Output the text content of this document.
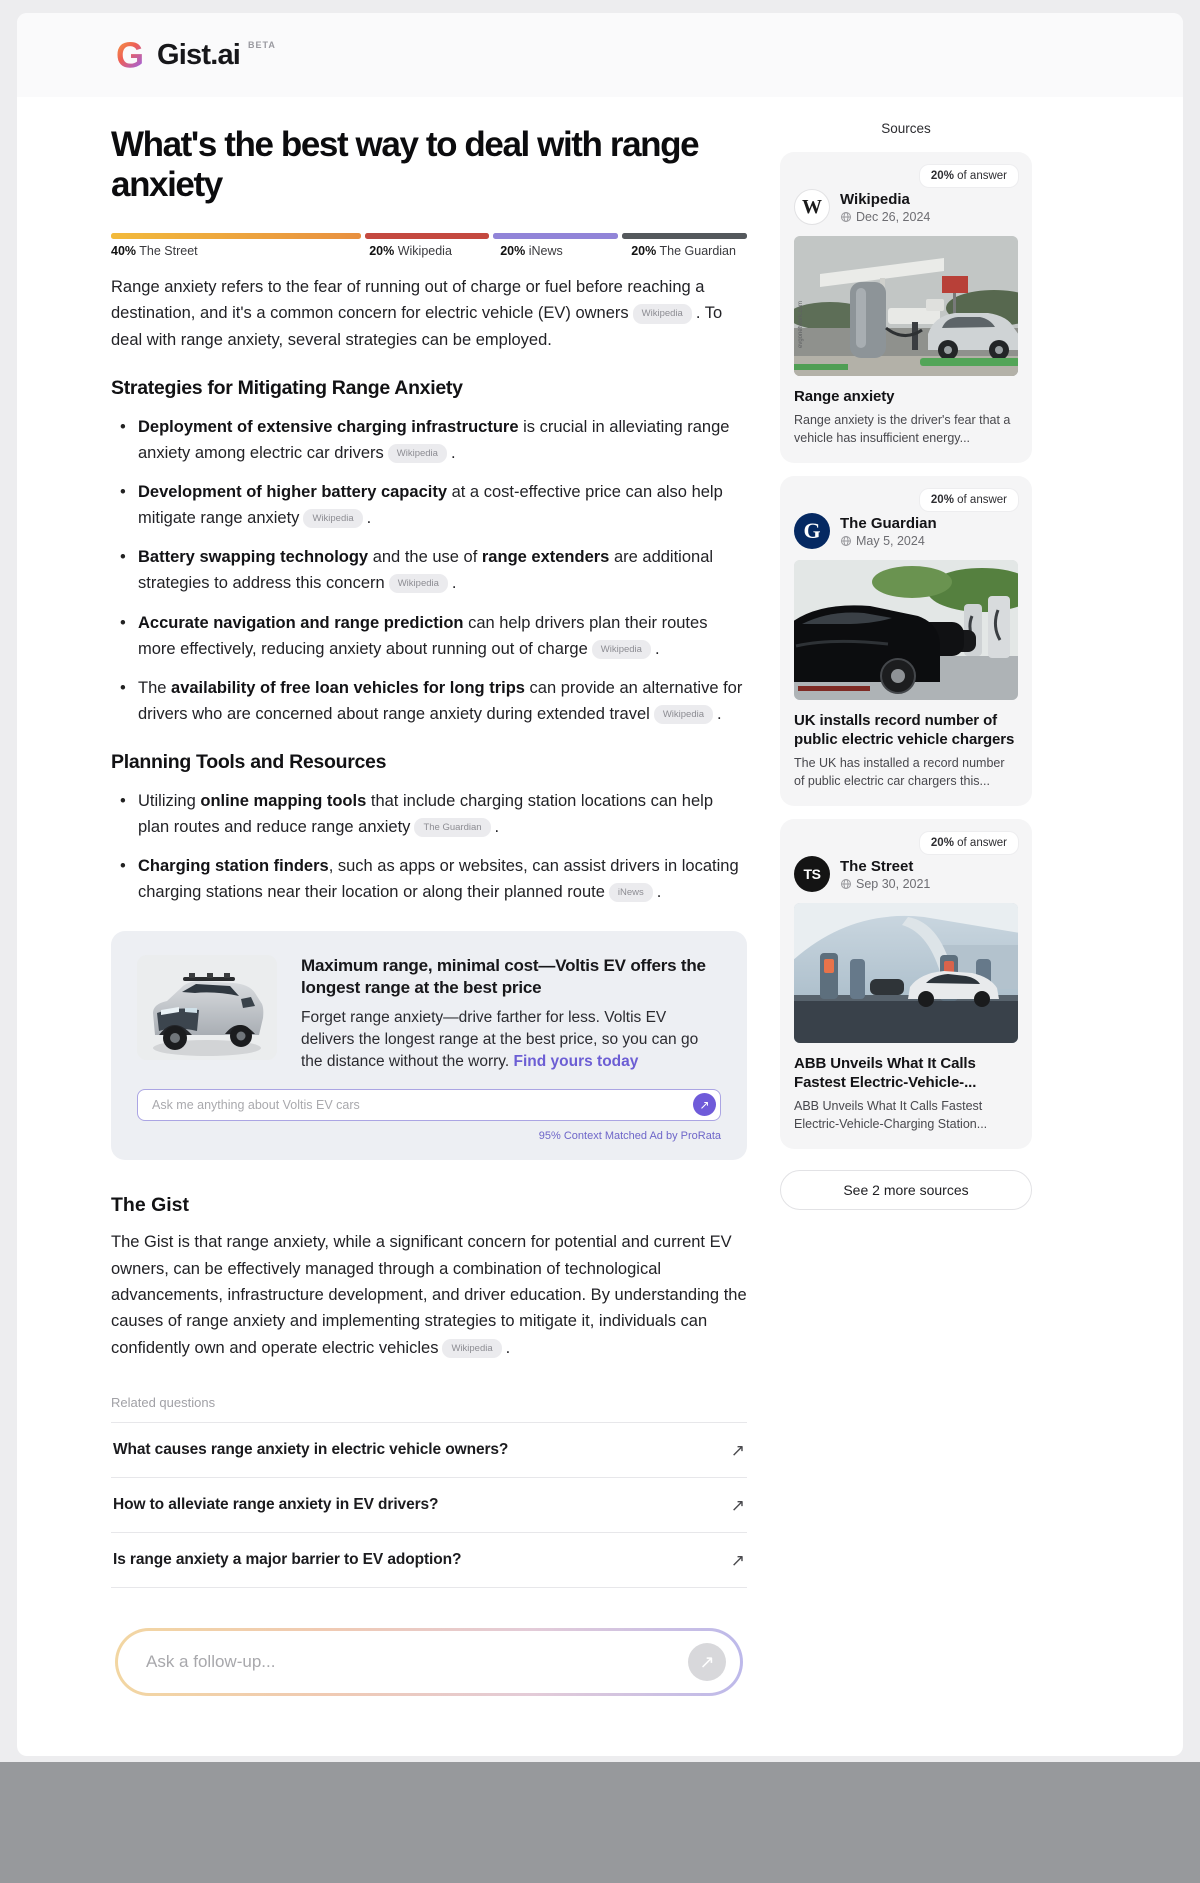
G Gist.ai BETA
What's the best way to deal with range anxiety
40% The Street	20% Wikipedia	20% iNews	20% The Guardian

Range anxiety refers to the fear of running out of charge or fuel before reaching a destination, and it's a common concern for electric vehicle (EV) owners Wikipedia . To deal with range anxiety, several strategies can be employed.

Strategies for Mitigating Range Anxiety
• Deployment of extensive charging infrastructure is crucial in alleviating range anxiety among electric car drivers Wikipedia .
• Development of higher battery capacity at a cost-effective price can also help mitigate range anxiety Wikipedia .
• Battery swapping technology and the use of range extenders are additional strategies to address this concern Wikipedia .
• Accurate navigation and range prediction can help drivers plan their routes more effectively, reducing anxiety about running out of charge Wikipedia .
• The availability of free loan vehicles for long trips can provide an alternative for drivers who are concerned about range anxiety during extended travel Wikipedia .
Planning Tools and Resources
• Utilizing online mapping tools that include charging station locations can help plan routes and reduce range anxiety The Guardian .
• Charging station finders, such as apps or websites, can assist drivers in locating charging stations near their location or along their planned route iNews .
Maximum range, minimal cost—Voltis EV offers the longest range at the best price
Forget range anxiety—drive farther for less. Voltis EV delivers the longest range at the best price, so you can go the distance without the worry. Find yours today
Ask me anything about Voltis EV cars
↗
95% Context Matched Ad by ProRata
The Gist

The Gist is that range anxiety, while a significant concern for potential and current EV owners, can be effectively managed through a combination of technological advancements, infrastructure development, and driver education. By understanding the causes of range anxiety and implementing strategies to mitigate it, individuals can confidently own and operate electric vehicles Wikipedia .

Related questions
What causes range anxiety in electric vehicle owners?	↗
How to alleviate range anxiety in EV drivers?	↗
Is range anxiety a major barrier to EV adoption?	↗
Ask a follow-up...
↗
Sources
20% of answer
W	Wikipedia
Dec 26, 2024
evgonetwork.com
Range anxiety
Range anxiety is the driver's fear that a vehicle has insufficient energy...
20% of answer
G	The Guardian
May 5, 2024
UK installs record number of public electric vehicle chargers
The UK has installed a record number of public electric car chargers this...
20% of answer
TS	The Street
Sep 30, 2021
ABB Unveils What It Calls Fastest Electric-Vehicle-...
ABB Unveils What It Calls Fastest Electric-Vehicle-Charging Station...
See 2 more sources
